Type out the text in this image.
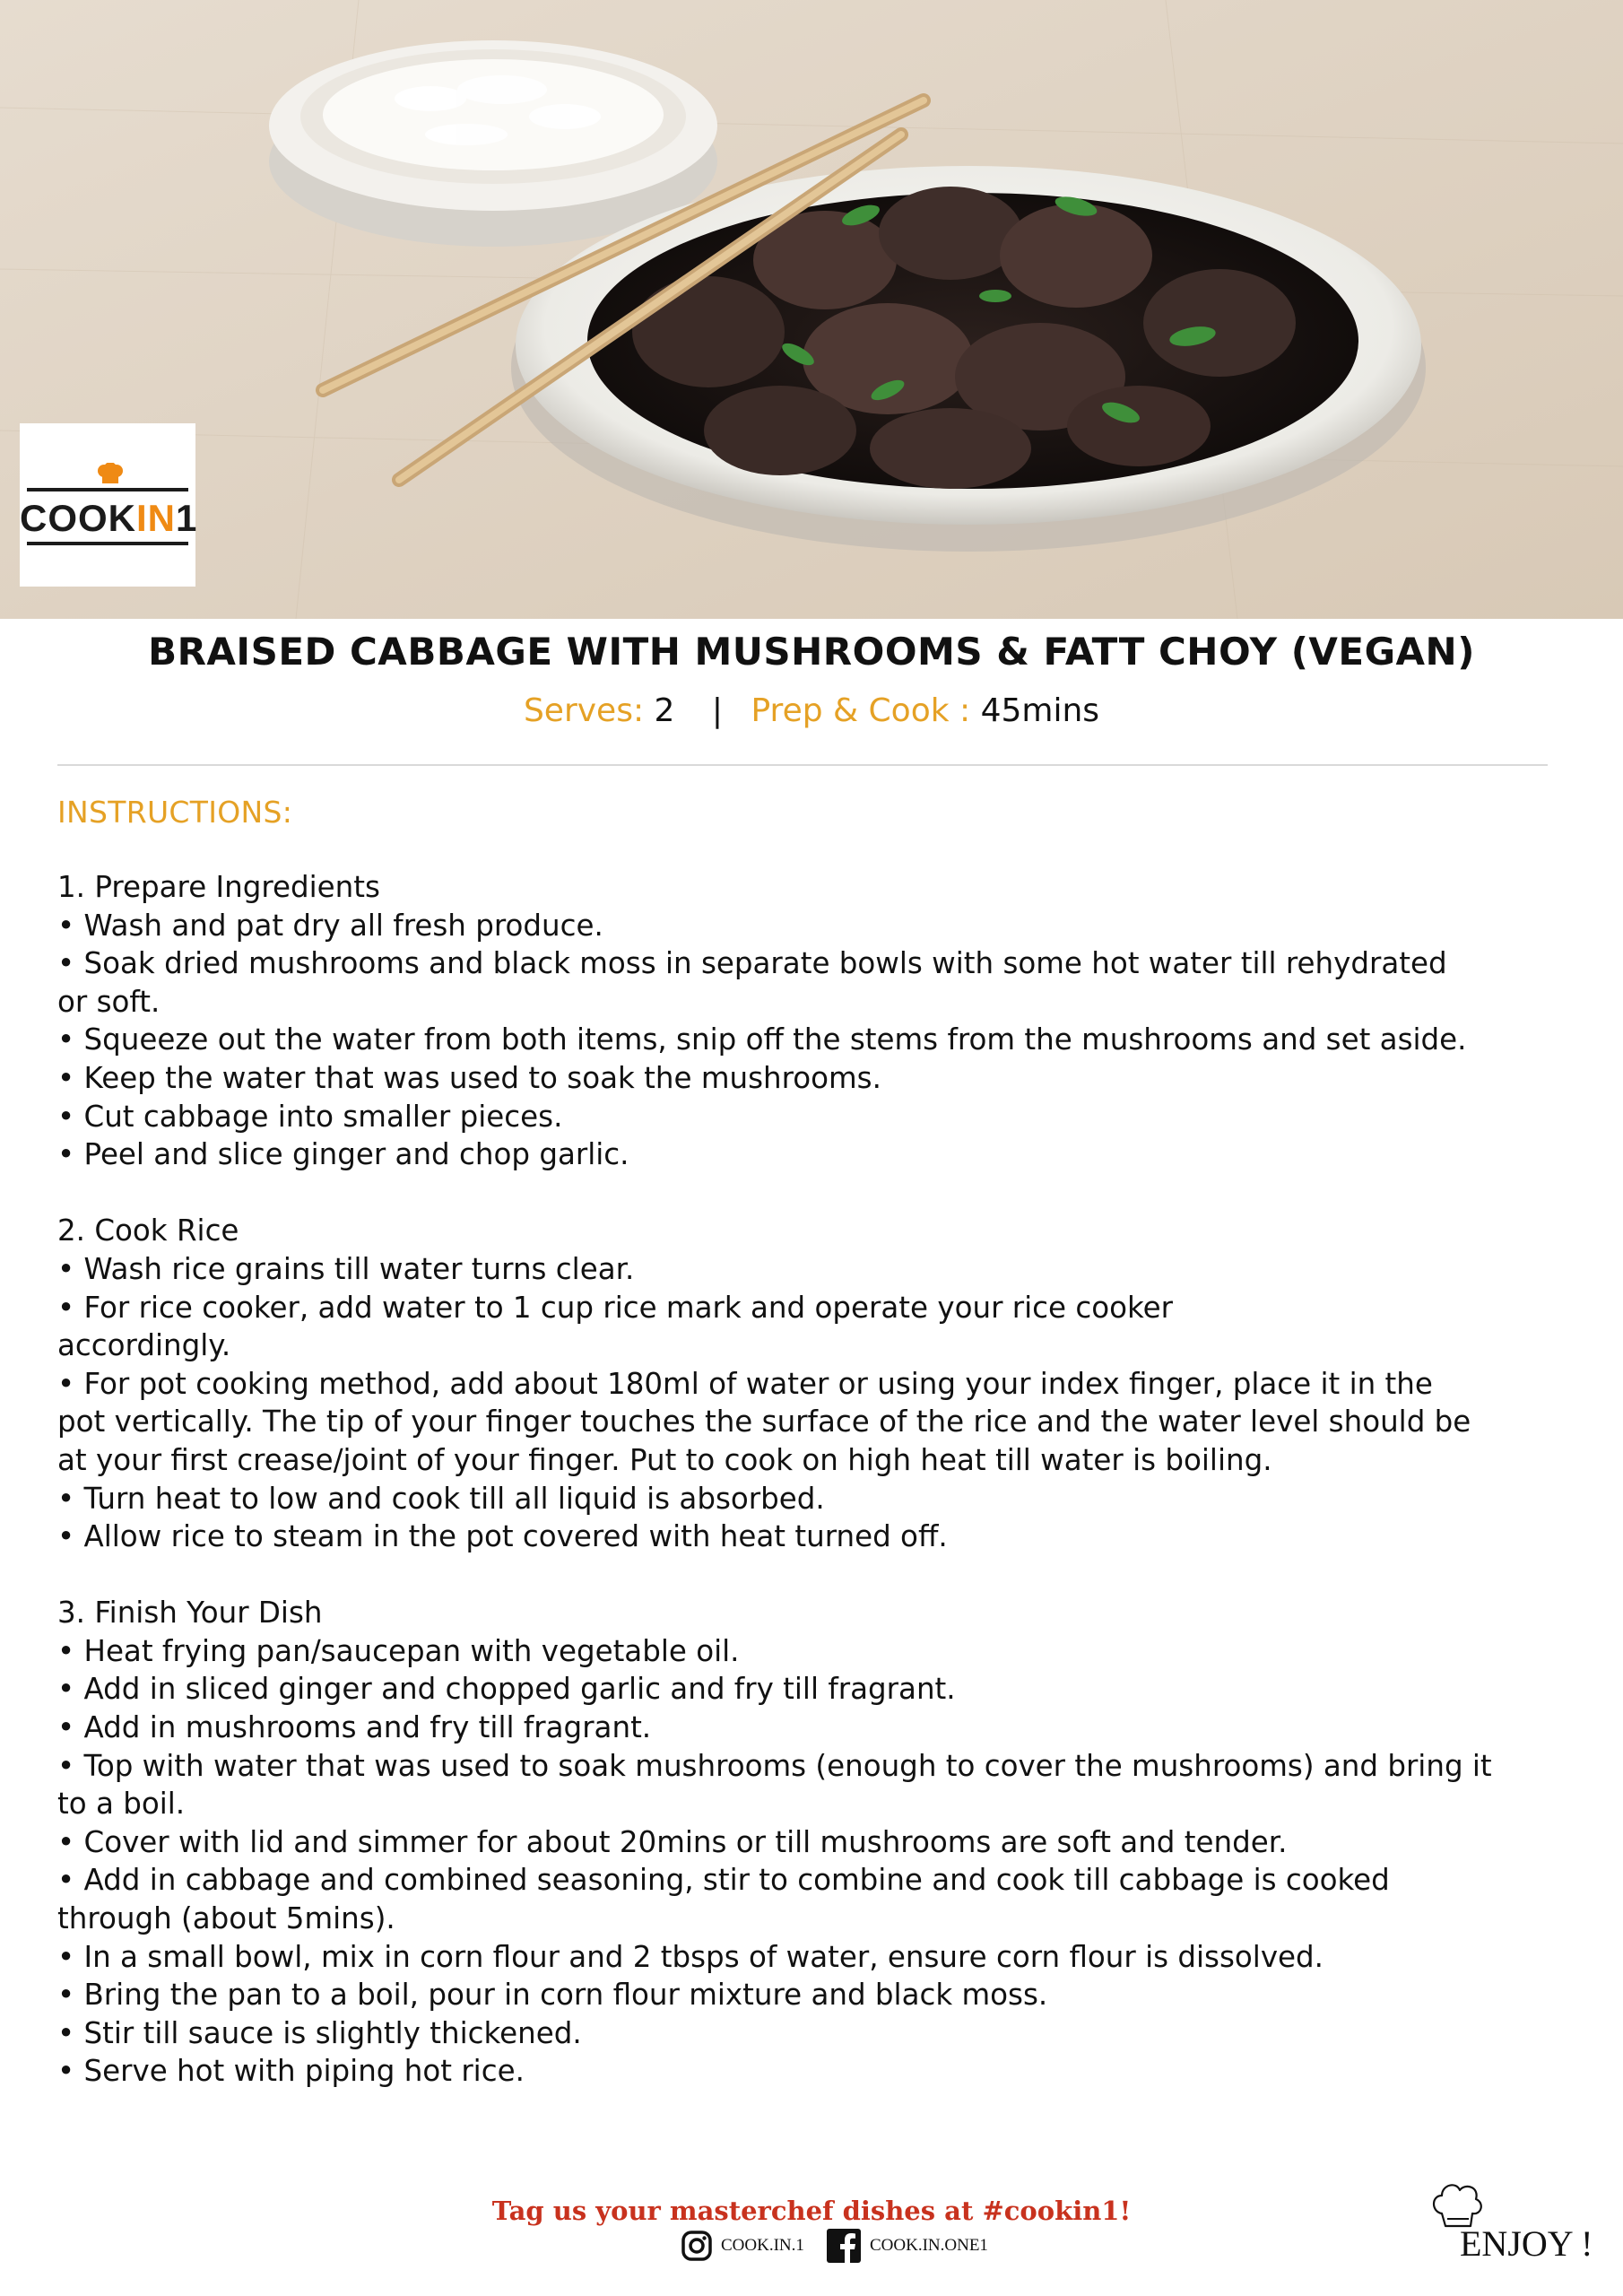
COOKIN1
BRAISED CABBAGE WITH MUSHROOMS & FATT CHOY (VEGAN)
Serves: 2 | Prep & Cook : 45mins
INSTRUCTIONS:
1. Prepare Ingredients
• Wash and pat dry all fresh produce.
• Soak dried mushrooms and black moss in separate bowls with some hot water till rehydrated
or soft.
• Squeeze out the water from both items, snip off the stems from the mushrooms and set aside.
• Keep the water that was used to soak the mushrooms.
• Cut cabbage into smaller pieces.
• Peel and slice ginger and chop garlic.
2. Cook Rice
• Wash rice grains till water turns clear.
• For rice cooker, add water to 1 cup rice mark and operate your rice cooker
accordingly.
• For pot cooking method, add about 180ml of water or using your index finger, place it in the
pot vertically. The tip of your finger touches the surface of the rice and the water level should be
at your first crease/joint of your finger. Put to cook on high heat till water is boiling.
• Turn heat to low and cook till all liquid is absorbed.
• Allow rice to steam in the pot covered with heat turned off.
3. Finish Your Dish
• Heat frying pan/saucepan with vegetable oil.
• Add in sliced ginger and chopped garlic and fry till fragrant.
• Add in mushrooms and fry till fragrant.
• Top with water that was used to soak mushrooms (enough to cover the mushrooms) and bring it
to a boil.
• Cover with lid and simmer for about 20mins or till mushrooms are soft and tender.
• Add in cabbage and combined seasoning, stir to combine and cook till cabbage is cooked
through (about 5mins).
• In a small bowl, mix in corn flour and 2 tbsps of water, ensure corn flour is dissolved.
• Bring the pan to a boil, pour in corn flour mixture and black moss.
• Stir till sauce is slightly thickened.
• Serve hot with piping hot rice.
Tag us your masterchef dishes at #cookin1!
COOK.IN.1	COOK.IN.ONE1	ENJOY !
